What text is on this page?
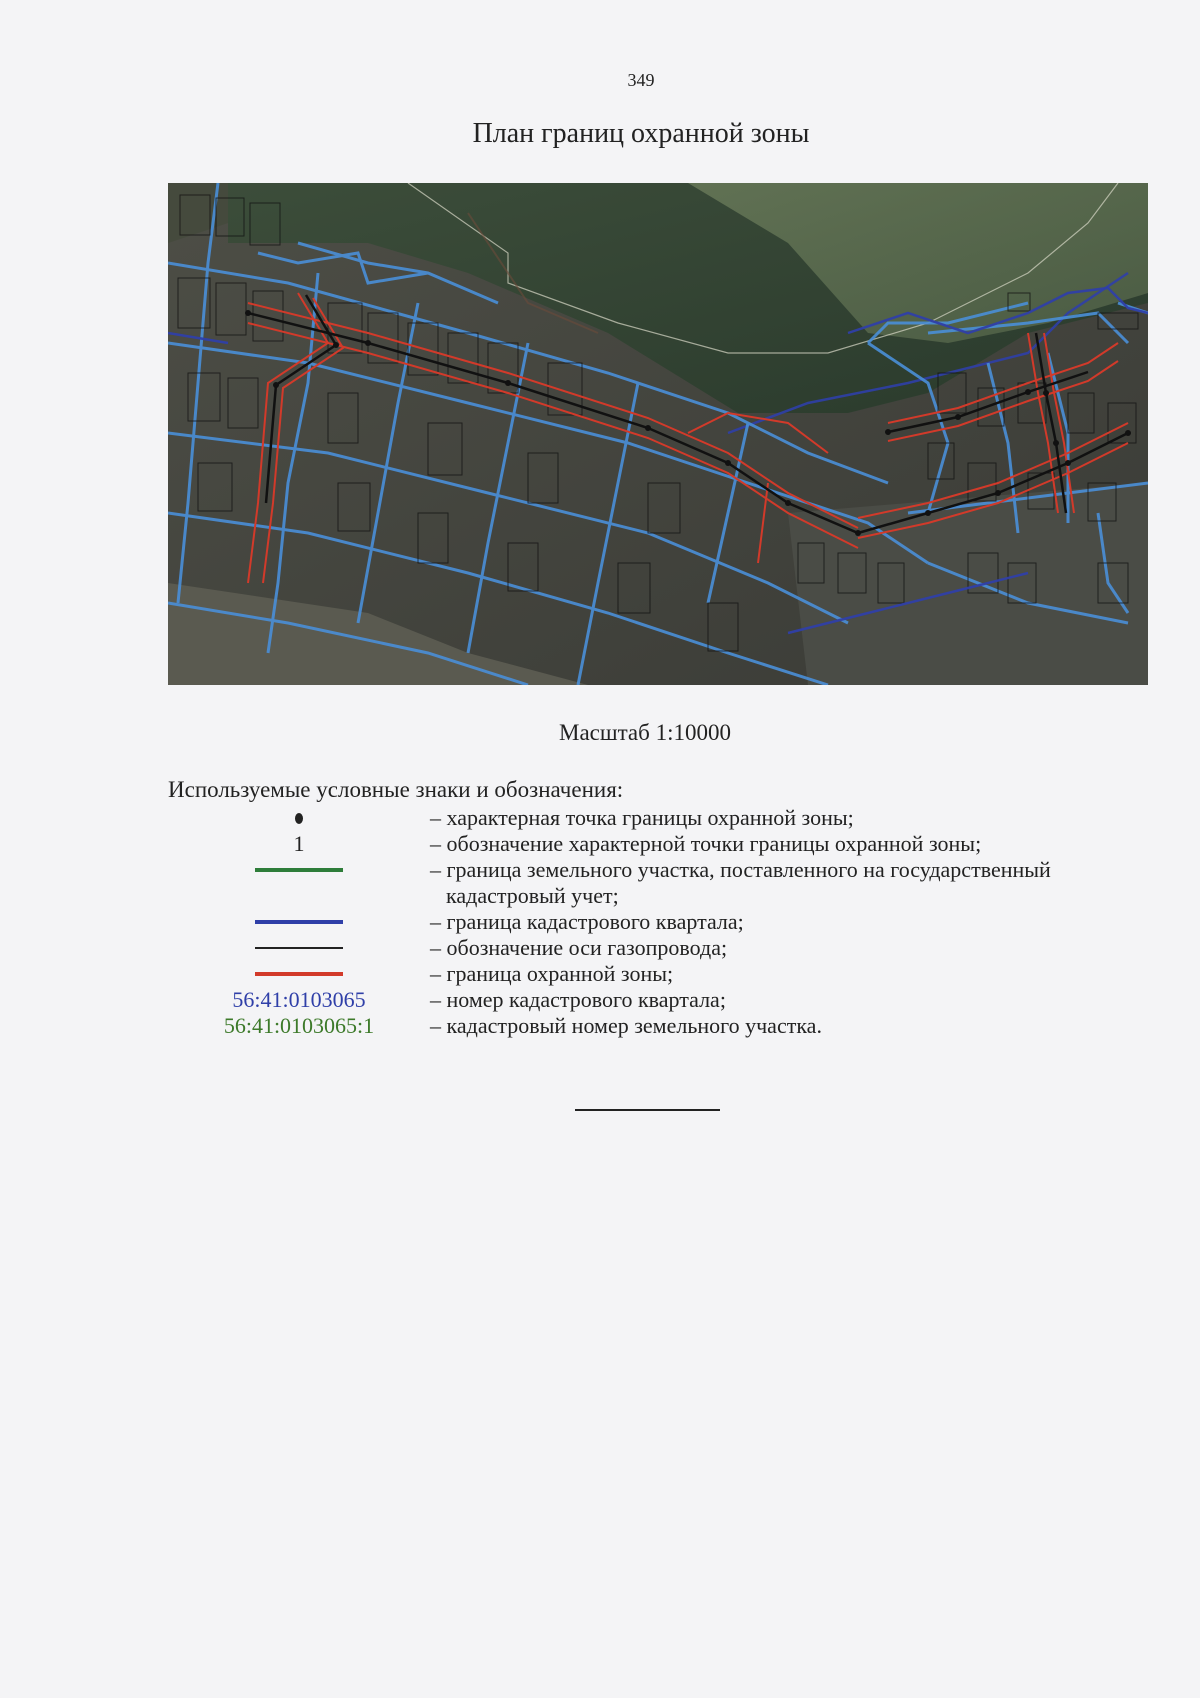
349
План границ охранной зоны
Масштаб 1:10000
Используемые условные знаки и обозначения:
– характерная точка границы охранной зоны;
1	– обозначение характерной точки границы охранной зоны;
– граница земельного участка, поставленного на государственный
кадастровый учет;
– граница кадастрового квартала;
– обозначение оси газопровода;
– граница охранной зоны;
56:41:0103065	– номер кадастрового квартала;
56:41:0103065:1	– кадастровый номер земельного участка.
